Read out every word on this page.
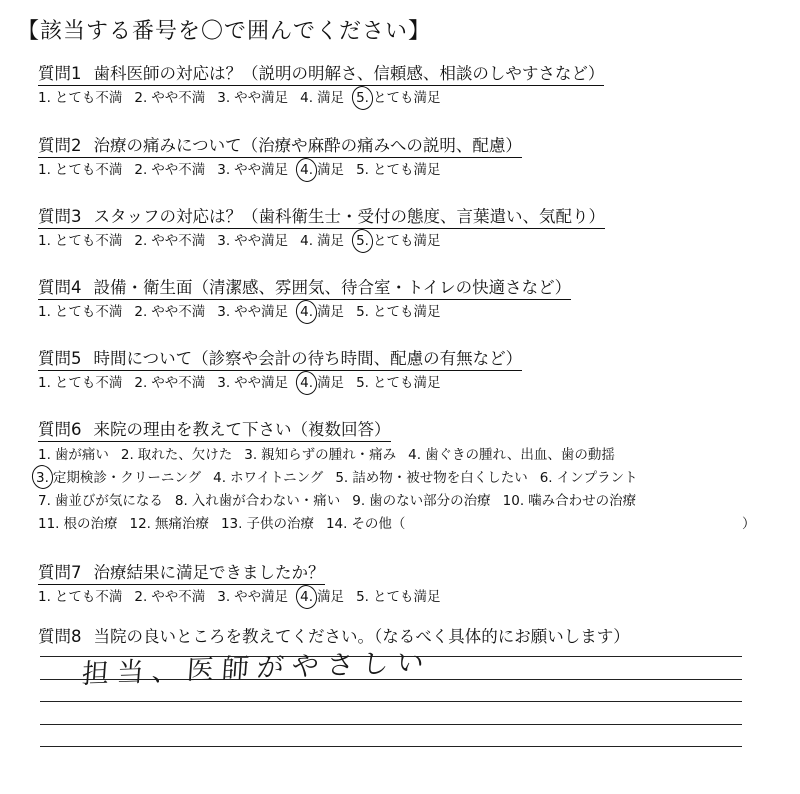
【該当する番号を〇で囲んでください】
質問1 歯科医師の対応は？（説明の明解さ、信頼感、相談のしやすさなど）
1. とても不満 2. やや不満 3. やや満足 4. 満足 5. とても満足
質問2 治療の痛みについて（治療や麻酔の痛みへの説明、配慮）
1. とても不満 2. やや不満 3. やや満足 4. 満足 5. とても満足
質問3 スタッフの対応は？（歯科衛生士・受付の態度、言葉遣い、気配り）
1. とても不満 2. やや不満 3. やや満足 4. 満足 5. とても満足
質問4 設備・衛生面（清潔感、雰囲気、待合室・トイレの快適さなど）
1. とても不満 2. やや不満 3. やや満足 4. 満足 5. とても満足
質問5 時間について（診察や会計の待ち時間、配慮の有無など）
1. とても不満 2. やや不満 3. やや満足 4. 満足 5. とても満足
質問6 来院の理由を教えて下さい（複数回答）
1. 歯が痛い 2. 取れた、欠けた 3. 親知らずの腫れ・痛み 4. 歯ぐきの腫れ、出血、歯の動揺
3. 定期検診・クリーニング 4. ホワイトニング 5. 詰め物・被せ物を白くしたい 6. インプラント
7. 歯並びが気になる 8. 入れ歯が合わない・痛い 9. 歯のない部分の治療 10. 噛み合わせの治療
11. 根の治療 12. 無痛治療 13. 子供の治療 14. その他（	）
質問7 治療結果に満足できましたか？
1. とても不満 2. やや不満 3. やや満足 4. 満足 5. とても満足
質問8 当院の良いところを教えてください。（なるべく具体的にお願いします）
担当、医師がやさしい
